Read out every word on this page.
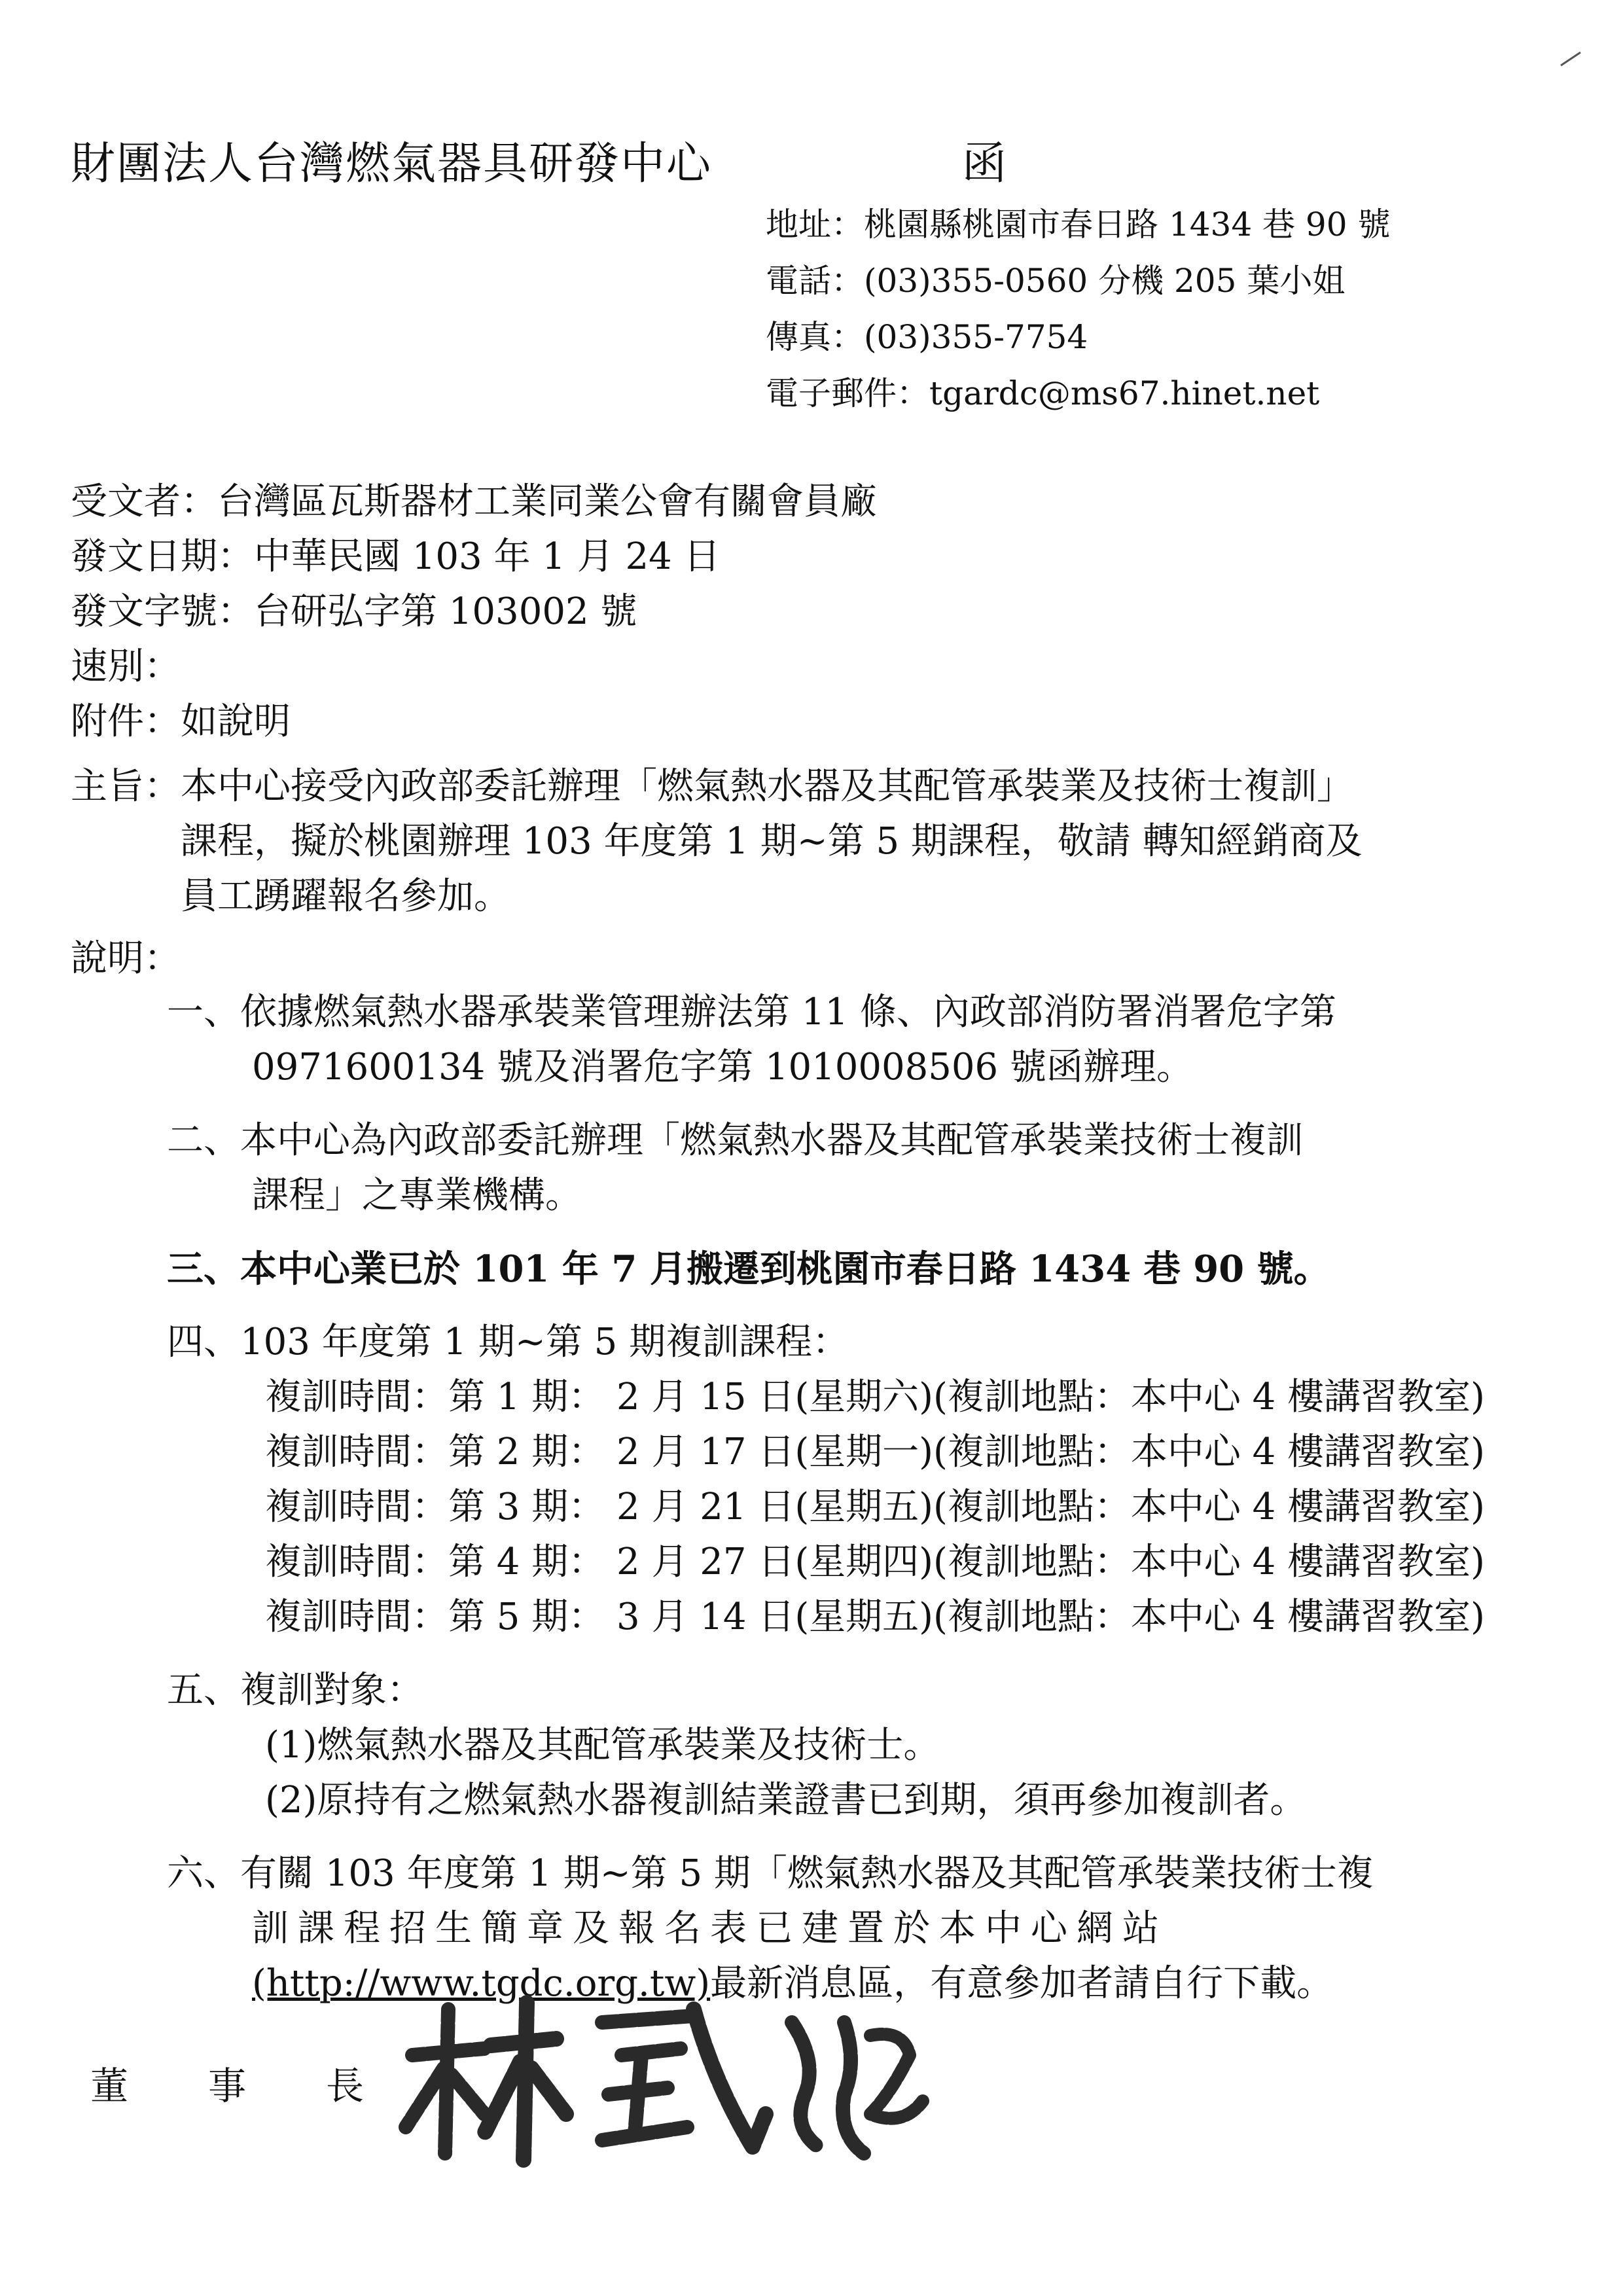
財團法人台灣燃氣器具研發中心	函
地址：桃園縣桃園市春日路 1434 巷 90 號
電話：(03)355-0560 分機 205 葉小姐
傳真：(03)355-7754
電子郵件：tgardc@ms67.hinet.net
受文者：台灣區瓦斯器材工業同業公會有關會員廠
發文日期：中華民國 103 年 1 月 24 日
發文字號：台研弘字第 103002 號
速別：
附件：如說明
主旨： 本中心接受內政部委託辦理「燃氣熱水器及其配管承裝業及技術士複訓」
課程，擬於桃園辦理 103 年度第 1 期~第 5 期課程，敬請 轉知經銷商及
員工踴躍報名參加。
說明：
一、依據燃氣熱水器承裝業管理辦法第 11 條、內政部消防署消署危字第
0971600134 號及消署危字第 1010008506 號函辦理。
二、本中心為內政部委託辦理「燃氣熱水器及其配管承裝業技術士複訓
課程」之專業機構。
三、本中心業已於 101 年 7 月搬遷到桃園市春日路 1434 巷 90 號。
四、103 年度第 1 期~第 5 期複訓課程：
複訓時間：第 1 期： 2 月 15 日(星期六)(複訓地點：本中心 4 樓講習教室)
複訓時間：第 2 期： 2 月 17 日(星期一)(複訓地點：本中心 4 樓講習教室)
複訓時間：第 3 期： 2 月 21 日(星期五)(複訓地點：本中心 4 樓講習教室)
複訓時間：第 4 期： 2 月 27 日(星期四)(複訓地點：本中心 4 樓講習教室)
複訓時間：第 5 期： 3 月 14 日(星期五)(複訓地點：本中心 4 樓講習教室)
五、複訓對象：
(1)燃氣熱水器及其配管承裝業及技術士。
(2)原持有之燃氣熱水器複訓結業證書已到期，須再參加複訓者。
六、有關 103 年度第 1 期~第 5 期「燃氣熱水器及其配管承裝業技術士複
訓課程招生簡章及報名表已建置於本中心網站
(http://www.tgdc.org.tw)最新消息區，有意參加者請自行下載。
董 事 長
